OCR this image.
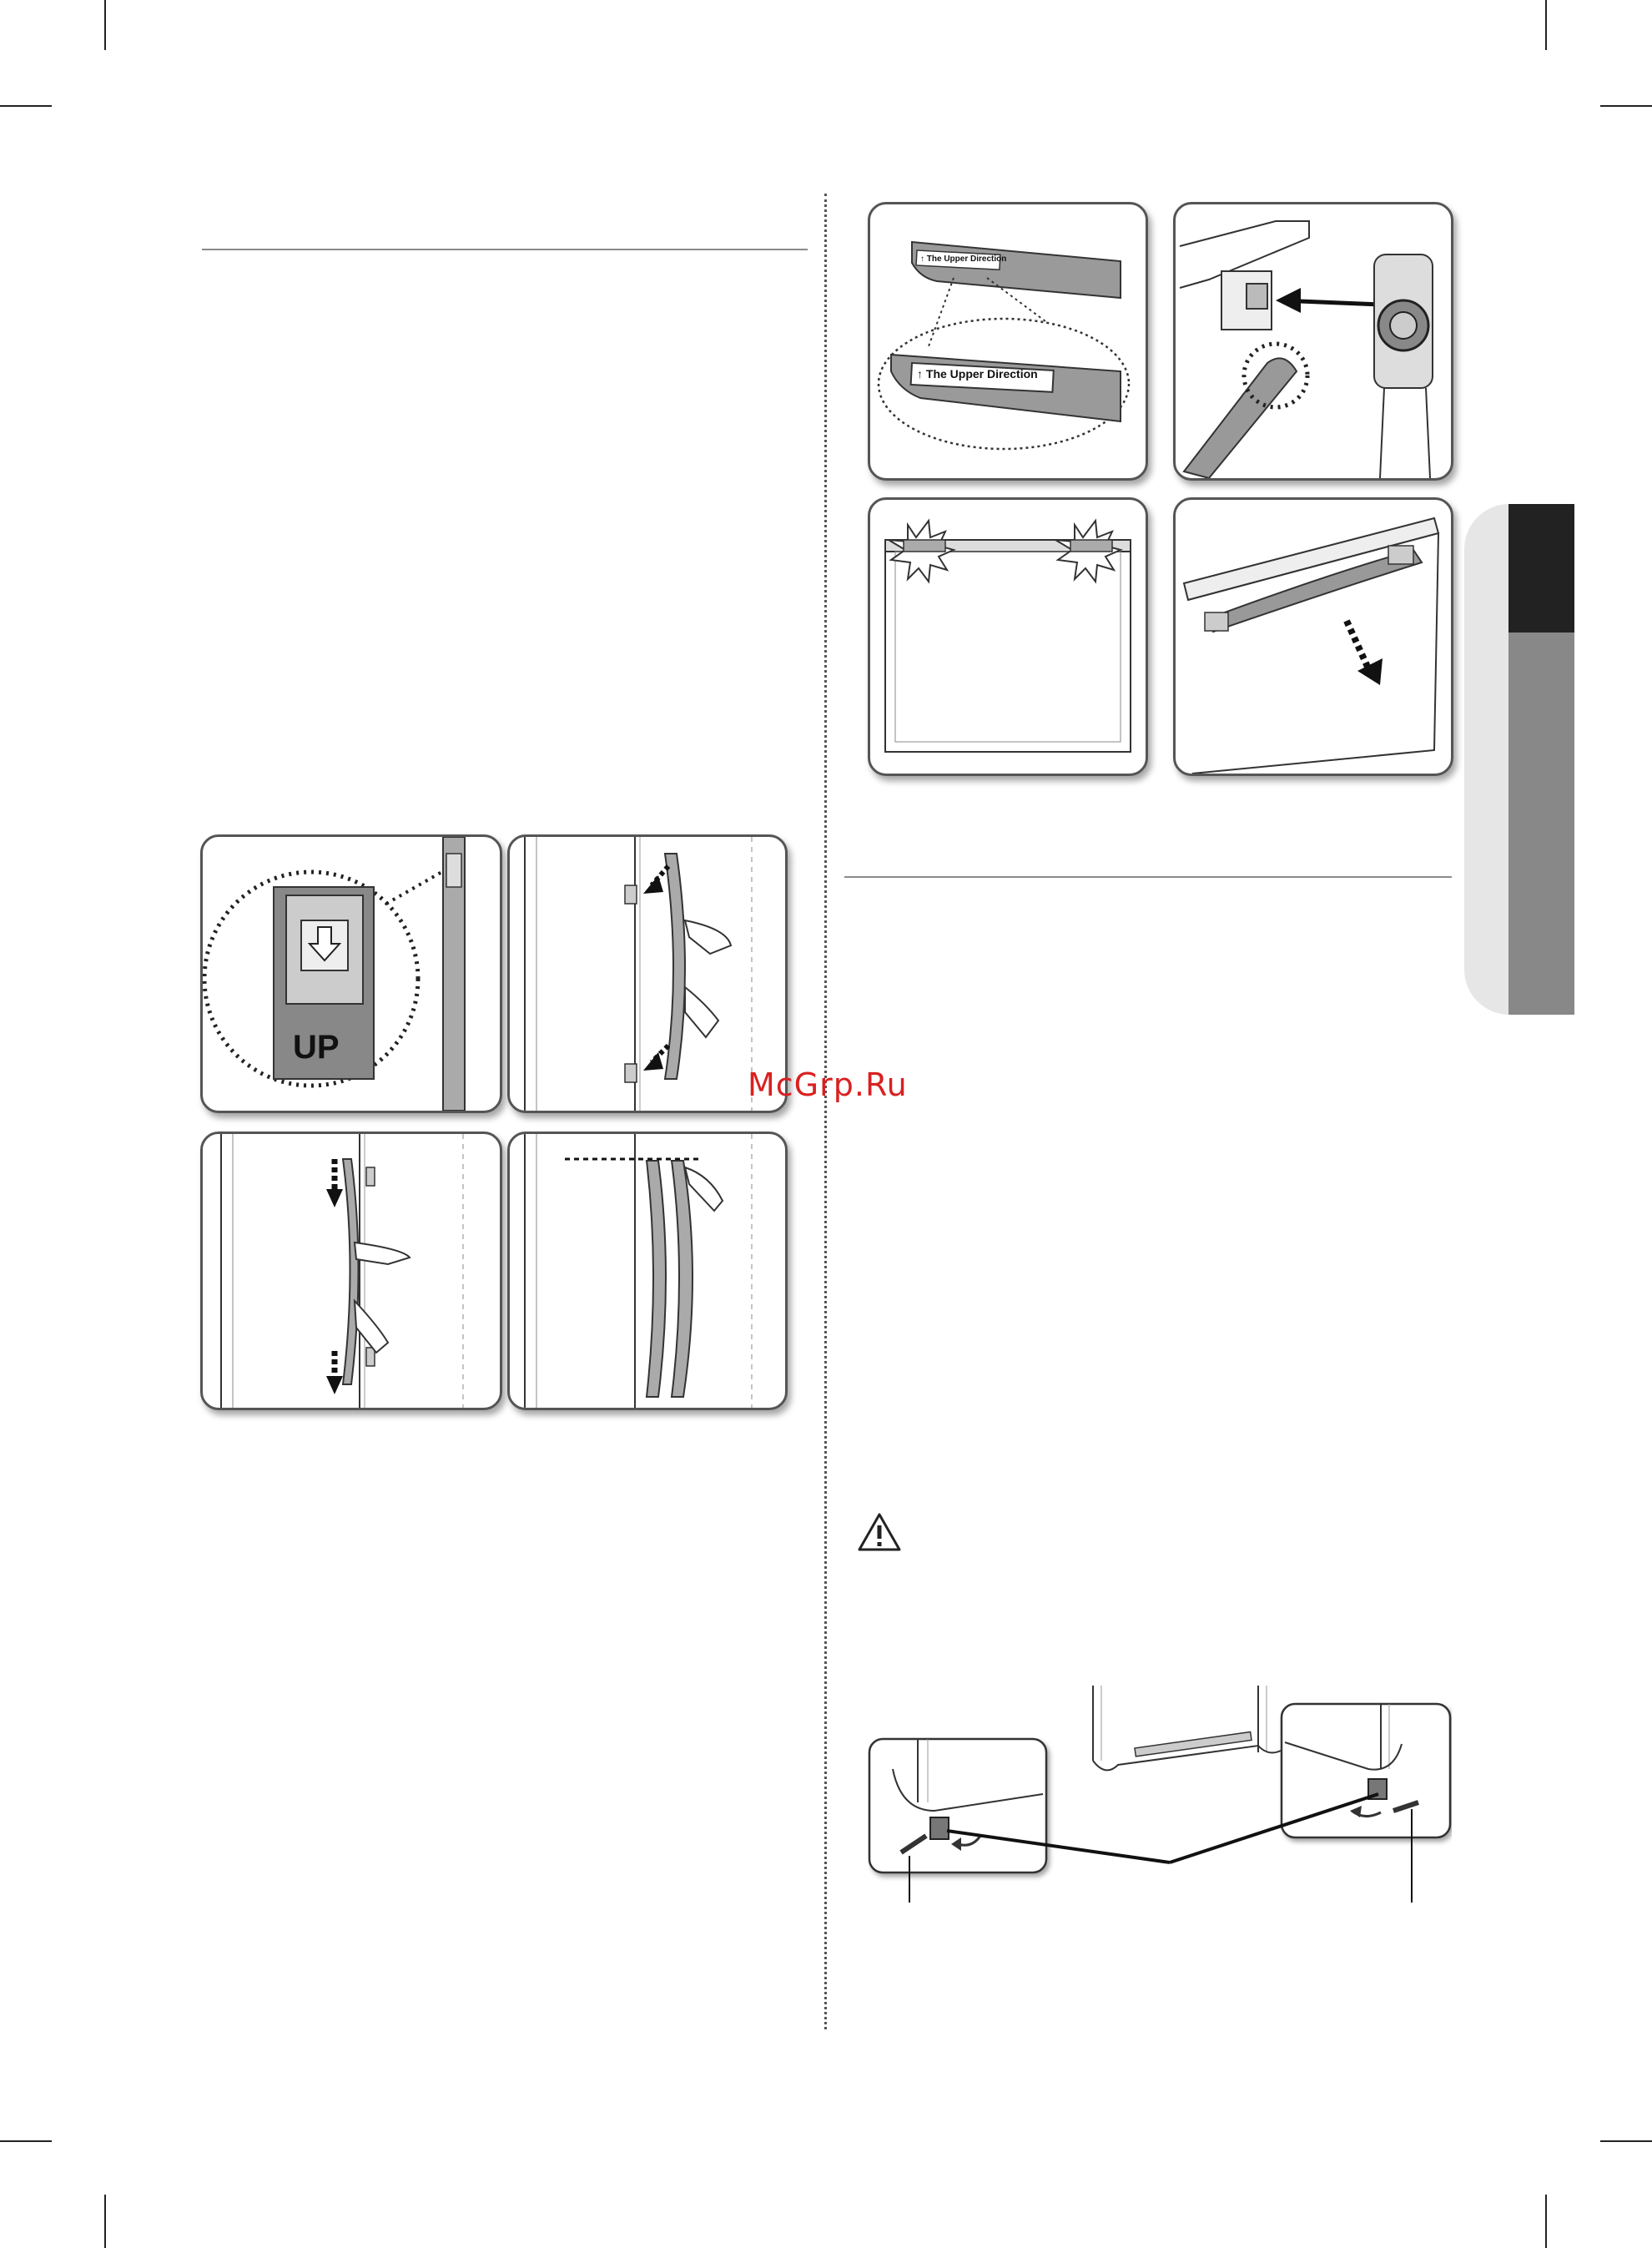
↑ The Upper Direction
↑ The Upper Direction
UP
McGrp.Ru
